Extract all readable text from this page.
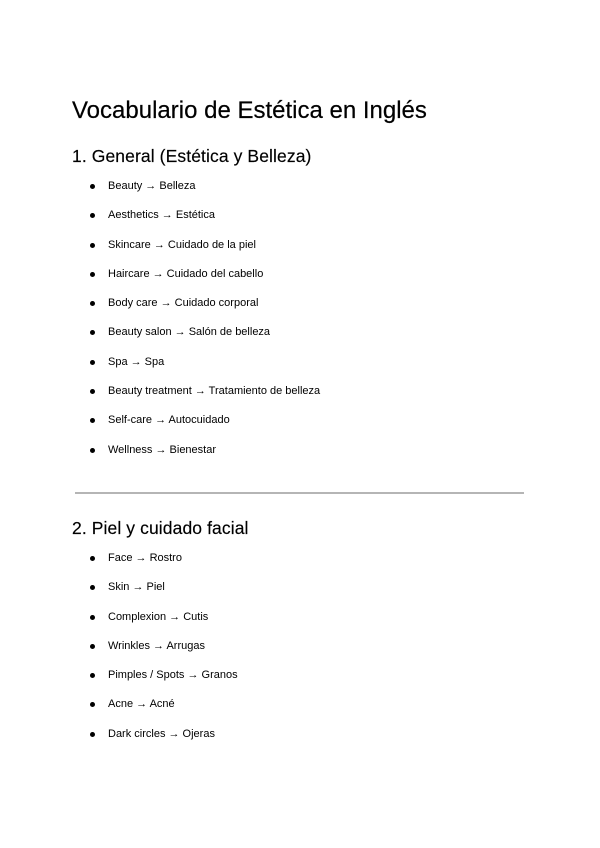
Vocabulario de Estética en Inglés
1. General (Estética y Belleza)
Beauty → Belleza
Aesthetics → Estética
Skincare → Cuidado de la piel
Haircare → Cuidado del cabello
Body care → Cuidado corporal
Beauty salon → Salón de belleza
Spa → Spa
Beauty treatment → Tratamiento de belleza
Self-care → Autocuidado
Wellness → Bienestar
2. Piel y cuidado facial
Face → Rostro
Skin → Piel
Complexion → Cutis
Wrinkles → Arrugas
Pimples / Spots → Granos
Acne → Acné
Dark circles → Ojeras
